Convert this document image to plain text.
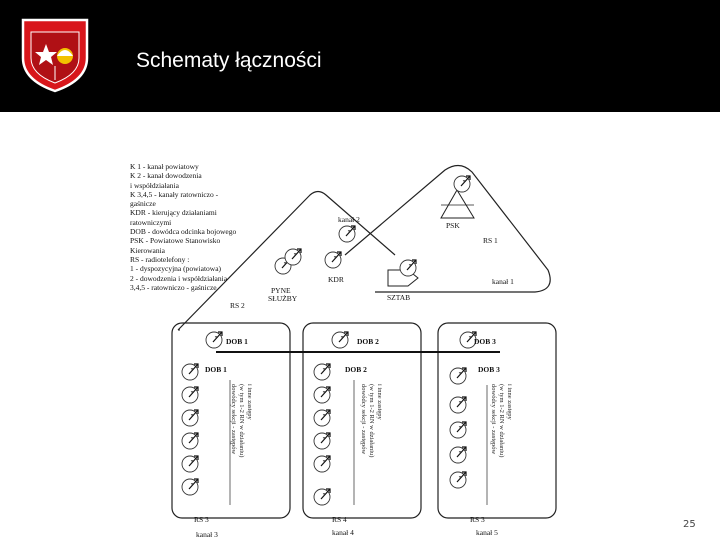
Schematy łączności
kanał 2
PSK
RS 1
KDR	kanał 1
PYNE
SŁUŻBY	SZTAB
RS 2
DOB 1	DOB 2	DOB 3
DOB 1	DOB 2	DOB 3
dowódcy sekcji - zastępów (w tym 1-2 RN w działaniu) i inne zastępy	dowódcy sekcji - zastępów (w tym 1-2 RN w działaniu) i inne zastępy	dowódcy sekcji - zastępów (w tym 1-2 RN w działaniu) i inne zastępy
RS 3	RS 4	RS 3
kanał 3	kanał 4	kanał 5
K 1 - kanał powiatowy
K 2 - kanał dowodzenia
i współdziałania
K 3,4,5 - kanały ratowniczo -
gaśnicze
KDR - kierujący działaniami
ratowniczymi
DOB - dowódca odcinka bojowego
PSK - Powiatowe Stanowisko
Kierowania
RS - radiotelefony :
1 - dyspozycyjna (powiatowa)
2 - dowodzenia i współdziałania
3,4,5 - ratowniczo - gaśnicze
25
